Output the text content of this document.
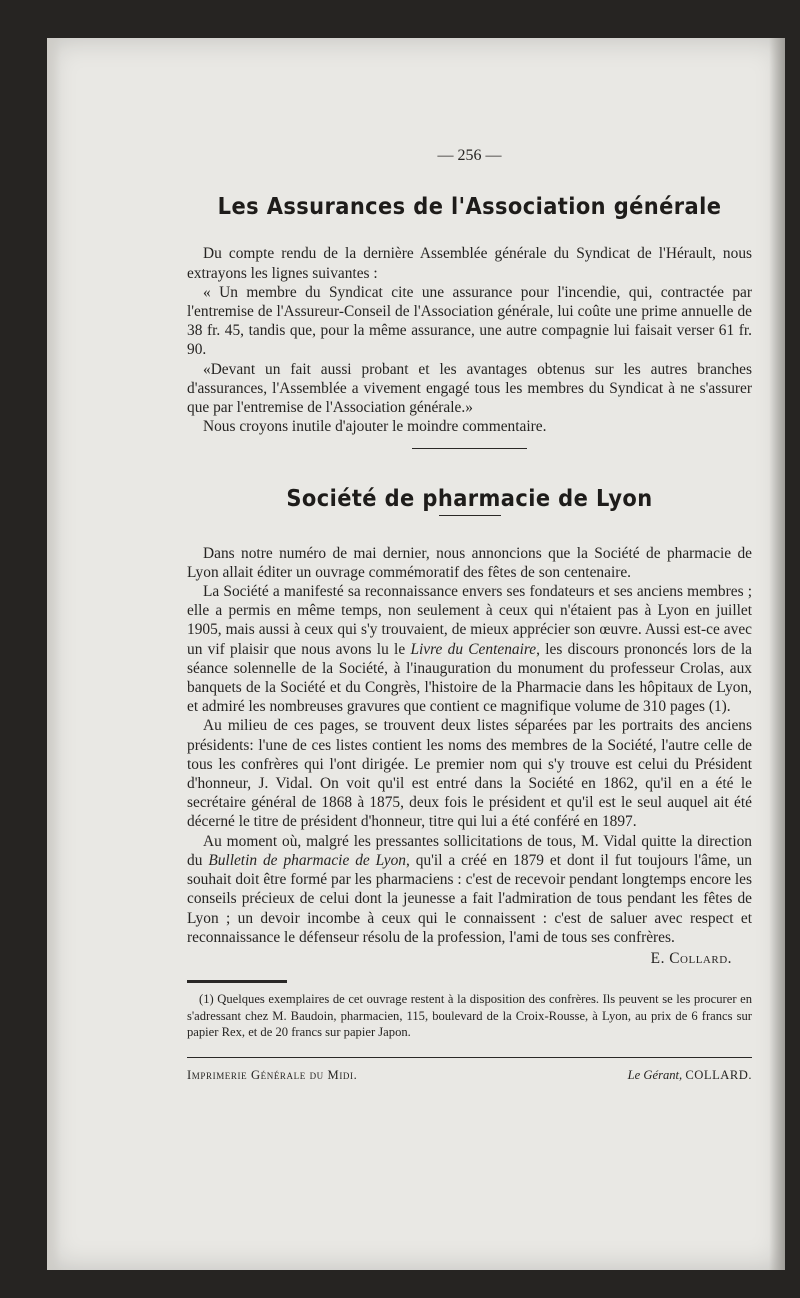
— 256 —
Les Assurances de l'Association générale

Du compte rendu de la dernière Assemblée générale du Syndicat de l'Hérault, nous extrayons les lignes suivantes :

« Un membre du Syndicat cite une assurance pour l'incendie, qui, contractée par l'entremise de l'Assureur-Conseil de l'Association générale, lui coûte une prime annuelle de 38 fr. 45, tandis que, pour la même assurance, une autre compagnie lui faisait verser 61 fr. 90.

«Devant un fait aussi probant et les avantages obtenus sur les autres branches d'assurances, l'Assemblée a vivement engagé tous les membres du Syndicat à ne s'assurer que par l'entremise de l'Association générale.»

Nous croyons inutile d'ajouter le moindre commentaire.

Société de pharmacie de Lyon

Dans notre numéro de mai dernier, nous annoncions que la Société de pharmacie de Lyon allait éditer un ouvrage commémoratif des fêtes de son centenaire.

La Société a manifesté sa reconnaissance envers ses fondateurs et ses anciens membres ; elle a permis en même temps, non seulement à ceux qui n'étaient pas à Lyon en juillet 1905, mais aussi à ceux qui s'y trouvaient, de mieux apprécier son œuvre. Aussi est-ce avec un vif plaisir que nous avons lu le Livre du Centenaire, les discours prononcés lors de la séance solennelle de la Société, à l'inauguration du monument du professeur Crolas, aux banquets de la Société et du Congrès, l'histoire de la Pharmacie dans les hôpitaux de Lyon, et admiré les nombreuses gravures que contient ce magnifique volume de 310 pages (1).

Au milieu de ces pages, se trouvent deux listes séparées par les portraits des anciens présidents: l'une de ces listes contient les noms des membres de la Société, l'autre celle de tous les confrères qui l'ont dirigée. Le premier nom qui s'y trouve est celui du Président d'honneur, J. Vidal. On voit qu'il est entré dans la Société en 1862, qu'il en a été le secrétaire général de 1868 à 1875, deux fois le président et qu'il est le seul auquel ait été décerné le titre de président d'honneur, titre qui lui a été conféré en 1897.

Au moment où, malgré les pressantes sollicitations de tous, M. Vidal quitte la direction du Bulletin de pharmacie de Lyon, qu'il a créé en 1879 et dont il fut toujours l'âme, un souhait doit être formé par les pharmaciens : c'est de recevoir pendant longtemps encore les conseils précieux de celui dont la jeunesse a fait l'admiration de tous pendant les fêtes de Lyon ; un devoir incombe à ceux qui le connaissent : c'est de saluer avec respect et reconnaissance le défenseur résolu de la profession, l'ami de tous ses confrères.

E. Collard.

(1) Quelques exemplaires de cet ouvrage restent à la disposition des confrères. Ils peuvent se les procurer en s'adressant chez M. Baudoin, pharmacien, 115, boulevard de la Croix-Rousse, à Lyon, au prix de 6 francs sur papier Rex, et de 20 francs sur papier Japon.

Imprimerie Générale du Midi.	Le Gérant, COLLARD.
